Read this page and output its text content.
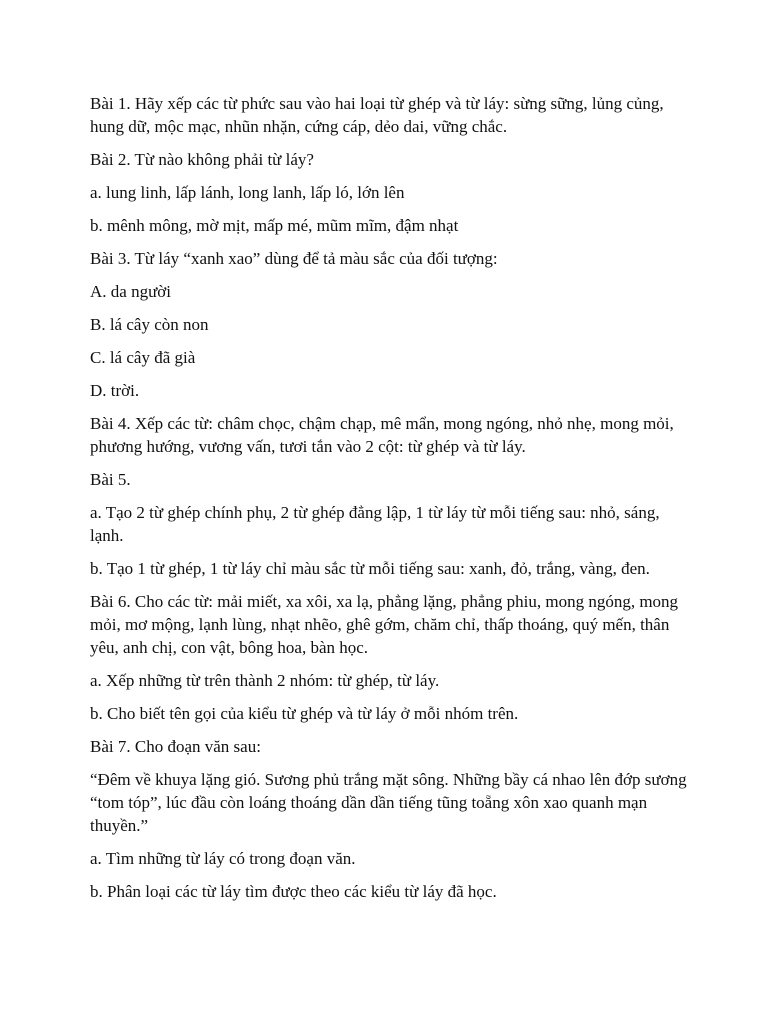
Bài 1. Hãy xếp các từ phức sau vào hai loại từ ghép và từ láy: sừng sững, lủng củng, hung dữ, mộc mạc, nhũn nhặn, cứng cáp, dẻo dai, vững chắc.

Bài 2. Từ nào không phải từ láy?

a. lung linh, lấp lánh, long lanh, lấp ló, lớn lên

b. mênh mông, mờ mịt, mấp mé, mũm mĩm, đậm nhạt

Bài 3. Từ láy “xanh xao” dùng để tả màu sắc của đối tượng:

A. da người

B. lá cây còn non

C. lá cây đã già

D. trời.

Bài 4. Xếp các từ: châm chọc, chậm chạp, mê mẩn, mong ngóng, nhỏ nhẹ, mong mỏi, phương hướng, vương vấn, tươi tắn vào 2 cột: từ ghép và từ láy.

Bài 5.

a. Tạo 2 từ ghép chính phụ, 2 từ ghép đẳng lập, 1 từ láy từ mỗi tiếng sau: nhỏ, sáng, lạnh.

b. Tạo 1 từ ghép, 1 từ láy chỉ màu sắc từ mỗi tiếng sau: xanh, đỏ, trắng, vàng, đen.

Bài 6. Cho các từ: mải miết, xa xôi, xa lạ, phẳng lặng, phẳng phiu, mong ngóng, mong mỏi, mơ mộng, lạnh lùng, nhạt nhẽo, ghê gớm, chăm chỉ, thấp thoáng, quý mến, thân yêu, anh chị, con vật, bông hoa, bàn học.

a. Xếp những từ trên thành 2 nhóm: từ ghép, từ láy.

b. Cho biết tên gọi của kiểu từ ghép và từ láy ở mỗi nhóm trên.

Bài 7. Cho đoạn văn sau:

“Đêm về khuya lặng gió. Sương phủ trắng mặt sông. Những bầy cá nhao lên đớp sương “tom tóp”, lúc đầu còn loáng thoáng dần dần tiếng tũng toẵng xôn xao quanh mạn thuyền.”

a. Tìm những từ láy có trong đoạn văn.

b. Phân loại các từ láy tìm được theo các kiểu từ láy đã học.
